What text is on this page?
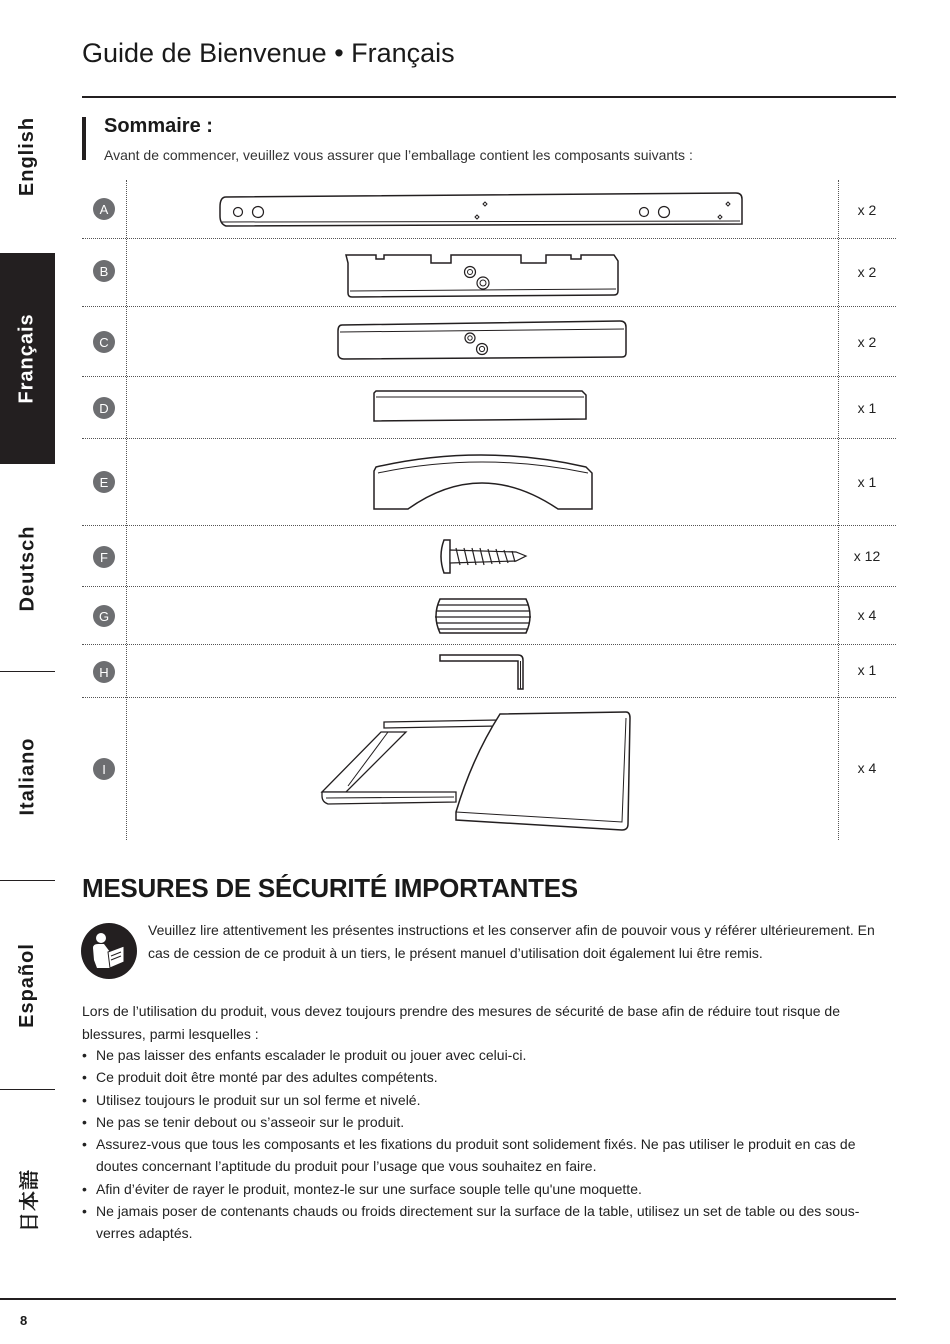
English
Français
Deutsch
Italiano
Español
日本語
Guide de Bienvenue • Français
Sommaire :
Avant de commencer, veuillez vous assurer que l’emballage contient les composants suivants :
A	x 2
B	x 2
C	x 2
D	x 1
E	x 1
F	x 12
G	x 4
H	x 1
I	x 4
MESURES DE SÉCURITÉ IMPORTANTES
Veuillez lire attentivement les présentes instructions et les conserver afin de pouvoir vous y référer ultérieurement. En cas de cession de ce produit à un tiers, le présent manuel d’utilisation doit également lui être remis.
Lors de l’utilisation du produit, vous devez toujours prendre des mesures de sécurité de base afin de réduire tout risque de blessures, parmi lesquelles :
• Ne pas laisser des enfants escalader le produit ou jouer avec celui-ci.
• Ce produit doit être monté par des adultes compétents.
• Utilisez toujours le produit sur un sol ferme et nivelé.
• Ne pas se tenir debout ou s’asseoir sur le produit.
• Assurez-vous que tous les composants et les fixations du produit sont solidement fixés. Ne pas utiliser le produit en cas de doutes concernant l’aptitude du produit pour l’usage que vous souhaitez en faire.
• Afin d’éviter de rayer le produit, montez-le sur une surface souple telle qu'une moquette.
• Ne jamais poser de contenants chauds ou froids directement sur la surface de la table, utilisez un set de table ou des sous-verres adaptés.
8
